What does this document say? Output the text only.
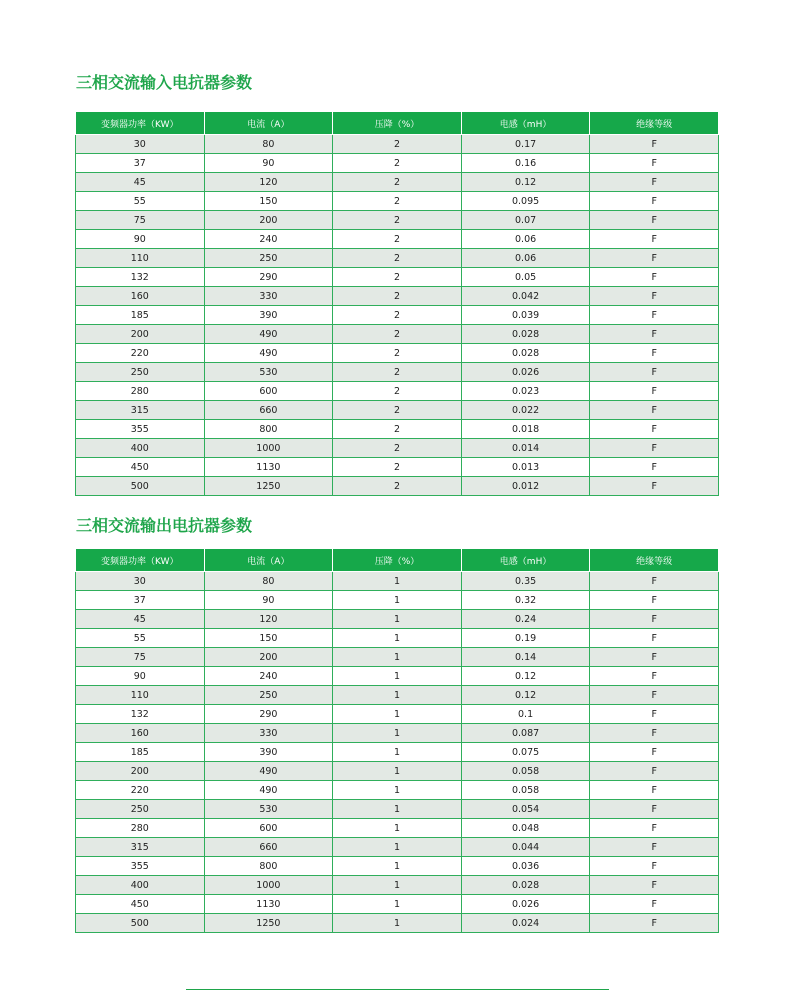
三相交流输入电抗器参数
变频器功率（KW）	电流（A）	压降（%）	电感（mH）	绝缘等级
30	80	2	0.17	F
37	90	2	0.16	F
45	120	2	0.12	F
55	150	2	0.095	F
75	200	2	0.07	F
90	240	2	0.06	F
110	250	2	0.06	F
132	290	2	0.05	F
160	330	2	0.042	F
185	390	2	0.039	F
200	490	2	0.028	F
220	490	2	0.028	F
250	530	2	0.026	F
280	600	2	0.023	F
315	660	2	0.022	F
355	800	2	0.018	F
400	1000	2	0.014	F
450	1130	2	0.013	F
500	1250	2	0.012	F
三相交流输出电抗器参数
变频器功率（KW）	电流（A）	压降（%）	电感（mH）	绝缘等级
30	80	1	0.35	F
37	90	1	0.32	F
45	120	1	0.24	F
55	150	1	0.19	F
75	200	1	0.14	F
90	240	1	0.12	F
110	250	1	0.12	F
132	290	1	0.1	F
160	330	1	0.087	F
185	390	1	0.075	F
200	490	1	0.058	F
220	490	1	0.058	F
250	530	1	0.054	F
280	600	1	0.048	F
315	660	1	0.044	F
355	800	1	0.036	F
400	1000	1	0.028	F
450	1130	1	0.026	F
500	1250	1	0.024	F
